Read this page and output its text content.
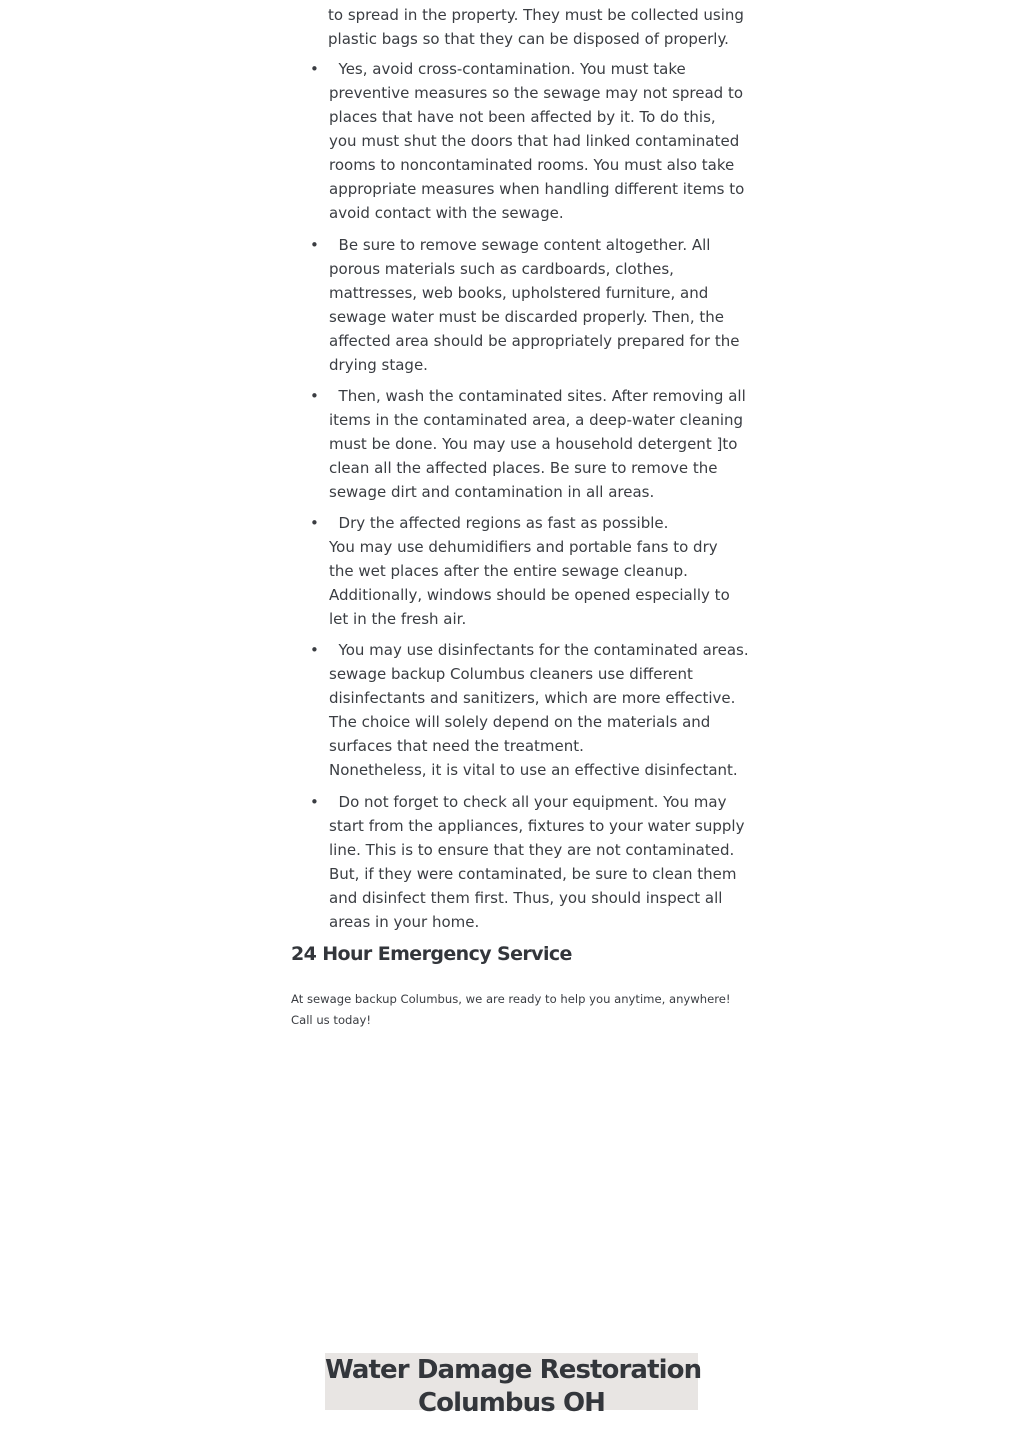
to spread in the property. They must be collected using
plastic bags so that they can be disposed of properly.
• Yes, avoid cross-contamination. You must take
preventive measures so the sewage may not spread to
places that have not been affected by it. To do this,
you must shut the doors that had linked contaminated
rooms to noncontaminated rooms. You must also take
appropriate measures when handling different items to
avoid contact with the sewage.
• Be sure to remove sewage content altogether. All
porous materials such as cardboards, clothes,
mattresses, web books, upholstered furniture, and
sewage water must be discarded properly. Then, the
affected area should be appropriately prepared for the
drying stage.
• Then, wash the contaminated sites. After removing all
items in the contaminated area, a deep-water cleaning
must be done. You may use a household detergent ]to
clean all the affected places. Be sure to remove the
sewage dirt and contamination in all areas.
• Dry the affected regions as fast as possible.
You may use dehumidifiers and portable fans to dry
the wet places after the entire sewage cleanup.
Additionally, windows should be opened especially to
let in the fresh air.
• You may use disinfectants for the contaminated areas.
sewage backup Columbus cleaners use different
disinfectants and sanitizers, which are more effective.
The choice will solely depend on the materials and
surfaces that need the treatment.
Nonetheless, it is vital to use an effective disinfectant.
• Do not forget to check all your equipment. You may
start from the appliances, fixtures to your water supply
line. This is to ensure that they are not contaminated.
But, if they were contaminated, be sure to clean them
and disinfect them first. Thus, you should inspect all
areas in your home.
24 Hour Emergency Service
At sewage backup Columbus, we are ready to help you anytime, anywhere!
Call us today!
Water Damage Restoration
Columbus OH
